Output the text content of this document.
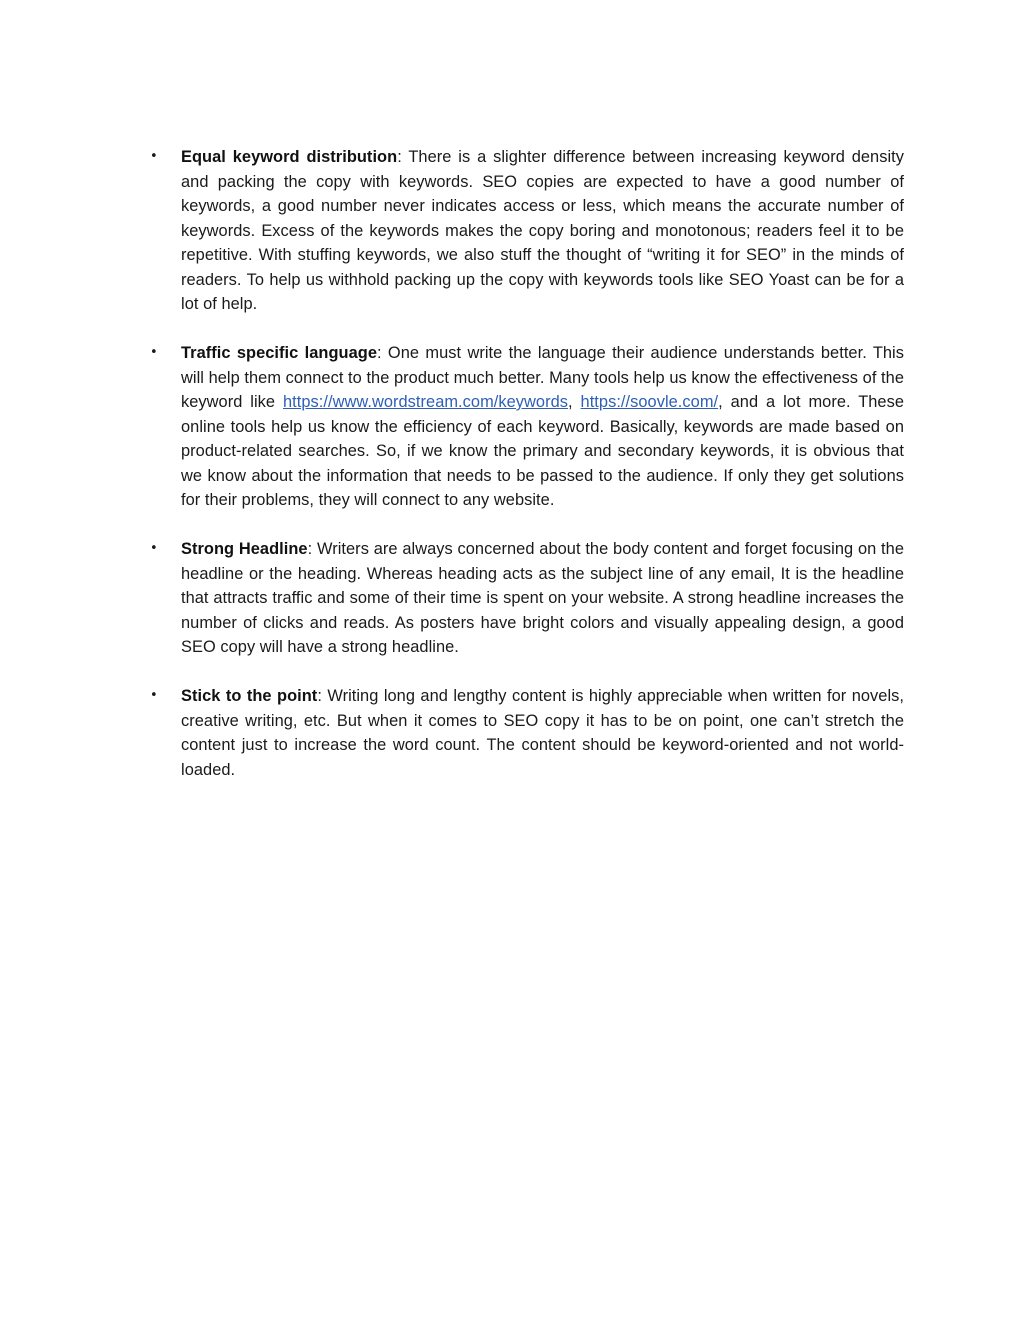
• Equal keyword distribution: There is a slighter difference between increasing keyword density and packing the copy with keywords. SEO copies are expected to have a good number of keywords, a good number never indicates access or less, which means the accurate number of keywords. Excess of the keywords makes the copy boring and monotonous; readers feel it to be repetitive. With stuffing keywords, we also stuff the thought of “writing it for SEO” in the minds of readers. To help us withhold packing up the copy with keywords tools like SEO Yoast can be for a lot of help.
• Traffic specific language: One must write the language their audience understands better. This will help them connect to the product much better. Many tools help us know the effectiveness of the keyword like https://www.wordstream.com/keywords, https://soovle.com/, and a lot more. These online tools help us know the efficiency of each keyword. Basically, keywords are made based on product-related searches. So, if we know the primary and secondary keywords, it is obvious that we know about the information that needs to be passed to the audience. If only they get solutions for their problems, they will connect to any website.
• Strong Headline: Writers are always concerned about the body content and forget focusing on the headline or the heading. Whereas heading acts as the subject line of any email, It is the headline that attracts traffic and some of their time is spent on your website. A strong headline increases the number of clicks and reads. As posters have bright colors and visually appealing design, a good SEO copy will have a strong headline.
• Stick to the point: Writing long and lengthy content is highly appreciable when written for novels, creative writing, etc. But when it comes to SEO copy it has to be on point, one can’t stretch the content just to increase the word count. The content should be keyword-oriented and not world-loaded.
